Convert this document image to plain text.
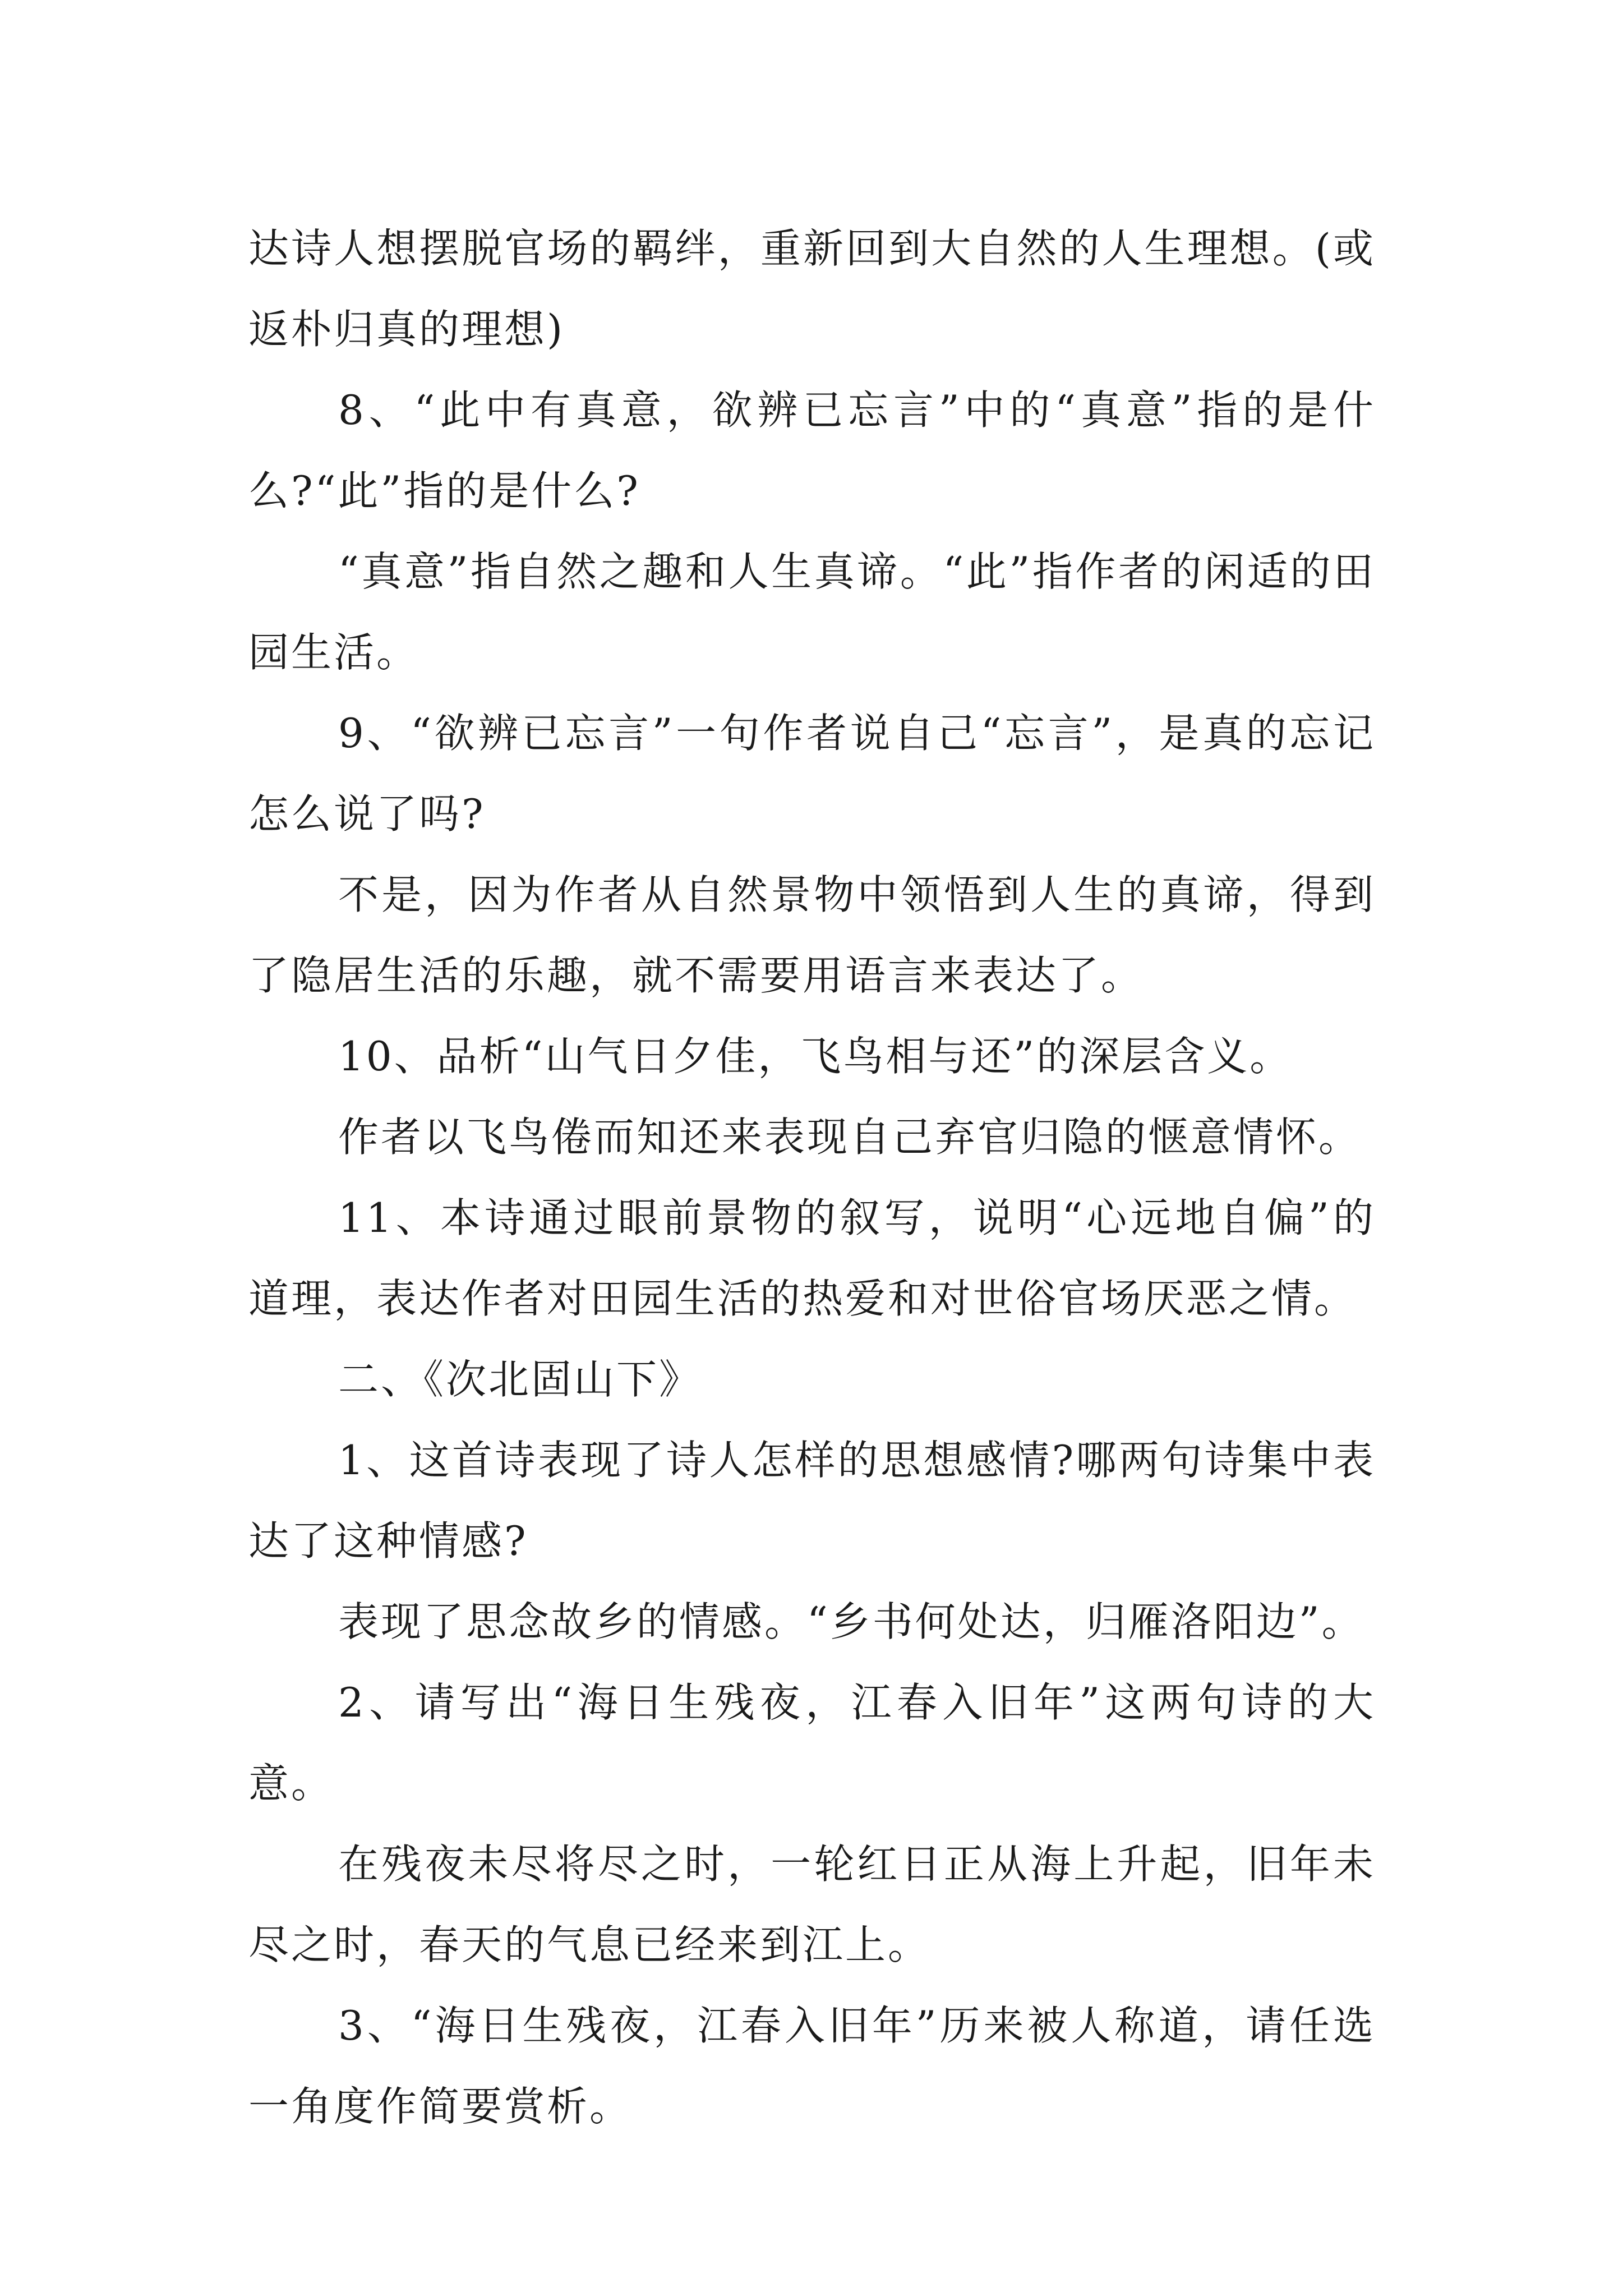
达诗人想摆脱官场的羁绊，重新回到大自然的人生理想。(或返朴归真的理想)

8、“此中有真意，欲辨已忘言”中的“真意”指的是什么?“此”指的是什么?

“真意”指自然之趣和人生真谛。“此”指作者的闲适的田园生活。

9、“欲辨已忘言”一句作者说自己“忘言”，是真的忘记怎么说了吗?

不是，因为作者从自然景物中领悟到人生的真谛，得到了隐居生活的乐趣，就不需要用语言来表达了。

10、品析“山气日夕佳，飞鸟相与还”的深层含义。

作者以飞鸟倦而知还来表现自己弃官归隐的惬意情怀。

11、本诗通过眼前景物的叙写，说明“心远地自偏”的道理，表达作者对田园生活的热爱和对世俗官场厌恶之情。

二、《次北固山下》

1、这首诗表现了诗人怎样的思想感情?哪两句诗集中表达了这种情感?

表现了思念故乡的情感。“乡书何处达，归雁洛阳边”。

2、请写出“海日生残夜，江春入旧年”这两句诗的大意。

在残夜未尽将尽之时，一轮红日正从海上升起，旧年未尽之时，春天的气息已经来到江上。

3、“海日生残夜，江春入旧年”历来被人称道，请任选一角度作简要赏析。
